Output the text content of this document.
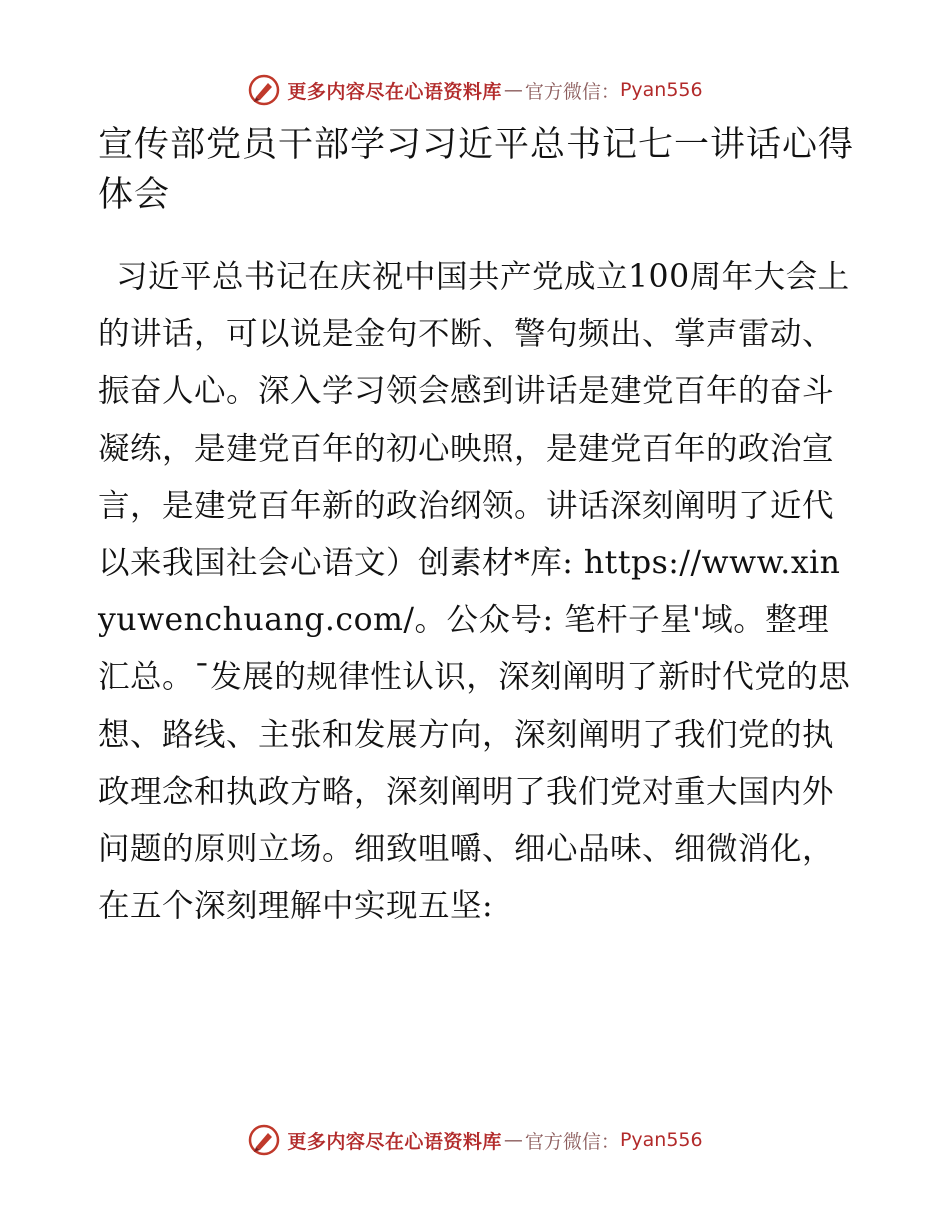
更多内容尽在心语资料库 — 官方微信： Pyan556
宣传部党员干部学习习近平总书记七一讲话心得体会

习近平总书记在庆祝中国共产党成立100周年大会上的讲话，可以说是金句不断、警句频出、掌声雷动、振奋人心。深入学习领会感到讲话是建党百年的奋斗凝练，是建党百年的初心映照，是建党百年的政治宣言，是建党百年新的政治纲领。讲话深刻阐明了近代以来我国社会心语文）创素材*库: https://www.xinyuwenchuang.com/。公众号: 笔杆子星'域。整理汇总。¯发展的规律性认识，深刻阐明了新时代党的思想、路线、主张和发展方向，深刻阐明了我们党的执政理念和执政方略，深刻阐明了我们党对重大国内外问题的原则立场。细致咀嚼、细心品味、细微消化，在五个深刻理解中实现五坚:

更多内容尽在心语资料库 — 官方微信： Pyan556
